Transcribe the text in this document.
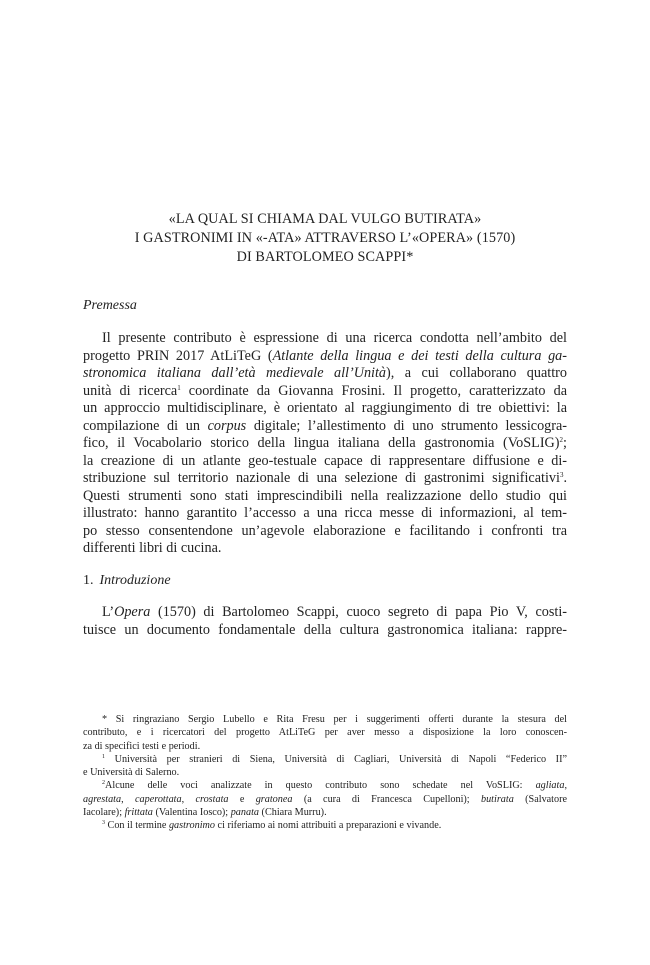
«LA QUAL SI CHIAMA DAL VULGO BUTIRATA»
I GASTRONIMI IN «-ATA» ATTRAVERSO L’«OPERA» (1570)
DI BARTOLOMEO SCAPPI*

Premessa

Il presente contributo è espressione di una ricerca condotta nell’ambito del
progetto PRIN 2017 AtLiTeG (Atlante della lingua e dei testi della cultura ga-
stronomica italiana dall’età medievale all’Unità), a cui collaborano quattro
unità di ricerca$^1$ coordinate da Giovanna Frosini. Il progetto, caratterizzato da
un approccio multidisciplinare, è orientato al raggiungimento di tre obiettivi: la
compilazione di un corpus digitale; l’allestimento di uno strumento lessicogra-
fico, il Vocabolario storico della lingua italiana della gastronomia (VoSLIG)$^2$;
la creazione di un atlante geo-testuale capace di rappresentare diffusione e di-
stribuzione sul territorio nazionale di una selezione di gastronimi significativi$^3$.
Questi strumenti sono stati imprescindibili nella realizzazione dello studio qui
illustrato: hanno garantito l’accesso a una ricca messe di informazioni, al tem-
po stesso consentendone un’agevole elaborazione e facilitando i confronti tra
differenti libri di cucina.

1. Introduzione

L’Opera (1570) di Bartolomeo Scappi, cuoco segreto di papa Pio V, costi-
tuisce un documento fondamentale della cultura gastronomica italiana: rappre-
* Si ringraziano Sergio Lubello e Rita Fresu per i suggerimenti offerti durante la stesura del
contributo, e i ricercatori del progetto AtLiTeG per aver messo a disposizione la loro conoscen-
za di specifici testi e periodi.
$^1$ Università per stranieri di Siena, Università di Cagliari, Università di Napoli “Federico II”
e Università di Salerno.
$^2$Alcune delle voci analizzate in questo contributo sono schedate nel VoSLIG: agliata,
agrestata, caperottata, crostata e gratonea (a cura di Francesca Cupelloni); butirata (Salvatore
Iacolare); frittata (Valentina Iosco); panata (Chiara Murru).
$^3$ Con il termine gastronimo ci riferiamo ai nomi attribuiti a preparazioni e vivande.
